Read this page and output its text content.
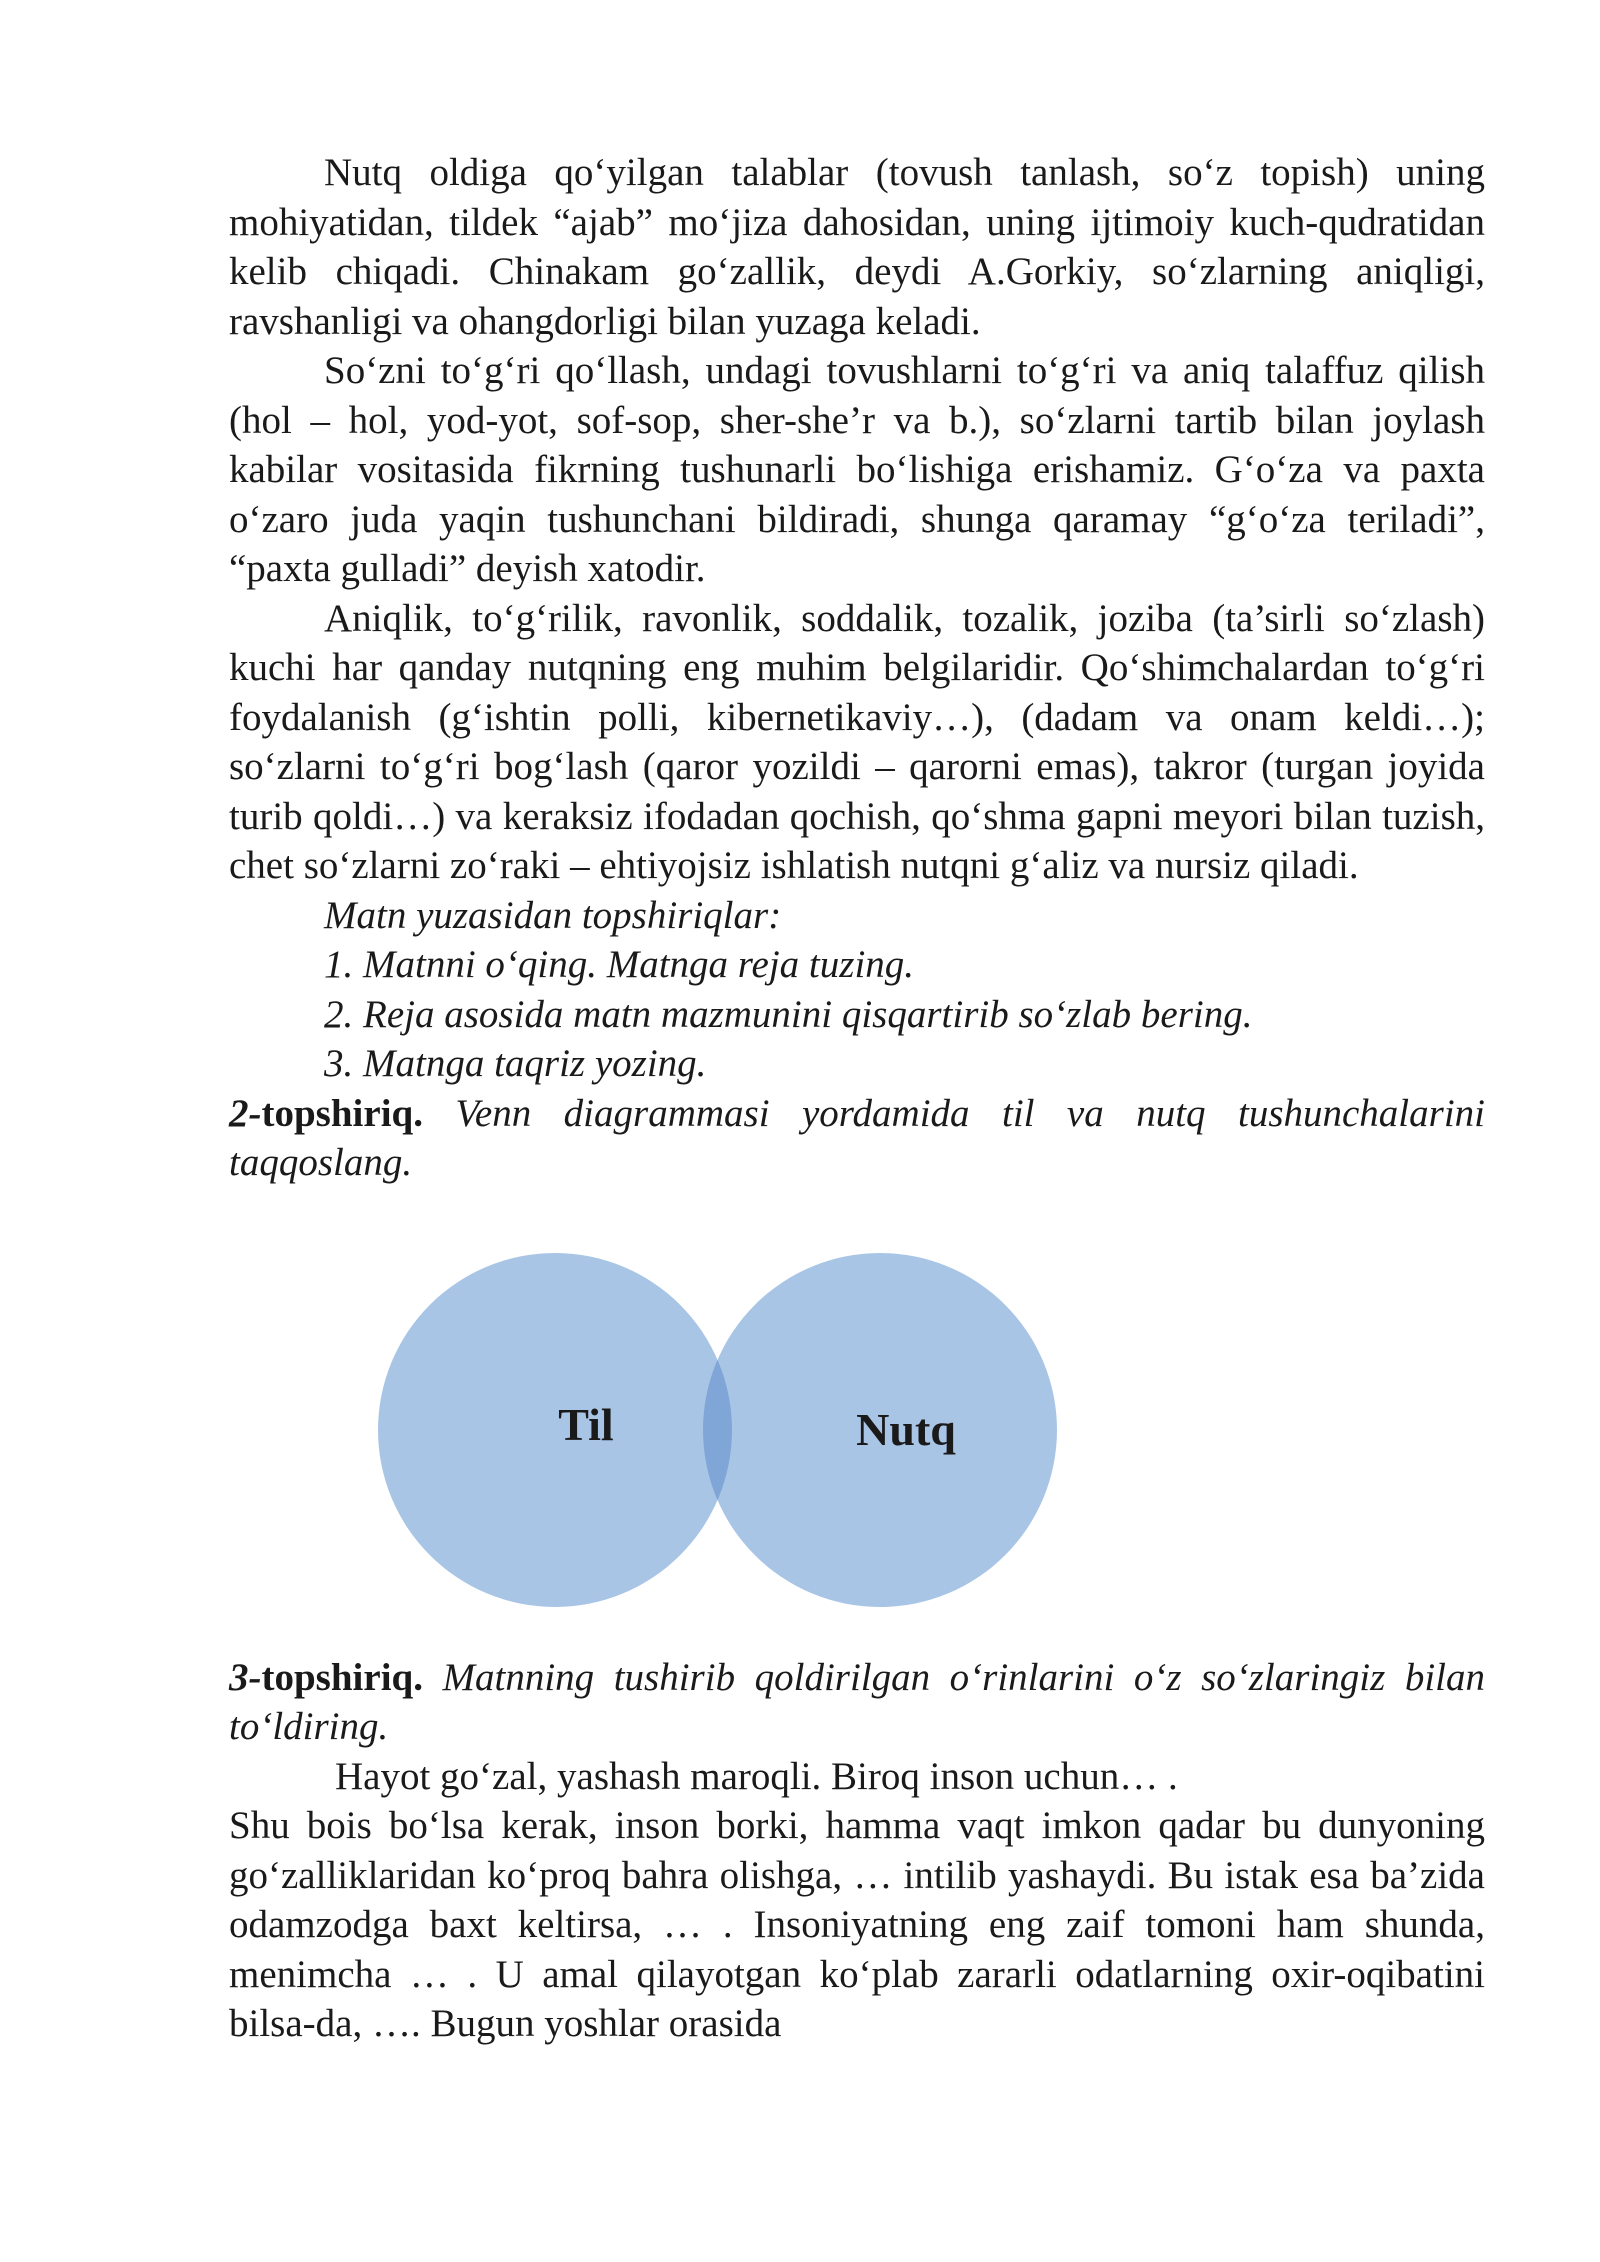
Nutq oldiga qo‘yilgan talablar (tovush tanlash, so‘z topish) uning mohiyatidan, tildek “ajab” mo‘jiza dahosidan, uning ijtimoiy kuch-qudratidan kelib chiqadi. Chinakam go‘zallik, deydi A.Gorkiy, so‘zlarning aniqligi, ravshanligi va ohangdorligi bilan yuzaga keladi.

So‘zni to‘g‘ri qo‘llash, undagi tovushlarni to‘g‘ri va aniq talaffuz qilish (hol – hol, yod-yot, sof-sop, sher-she’r va b.), so‘zlarni tartib bilan joylash kabilar vositasida fikrning tushunarli bo‘lishiga erishamiz. G‘o‘za va paxta o‘zaro juda yaqin tushunchani bildiradi, shunga qaramay “g‘o‘za teriladi”, “paxta gulladi” deyish xatodir.

Aniqlik, to‘g‘rilik, ravonlik, soddalik, tozalik, joziba (ta’sirli so‘zlash) kuchi har qanday nutqning eng muhim belgilaridir. Qo‘shimchalardan to‘g‘ri foydalanish (g‘ishtin polli, kibernetikaviy…), (dadam va onam keldi…); so‘zlarni to‘g‘ri bog‘lash (qaror yozildi – qarorni emas), takror (turgan joyida turib qoldi…) va keraksiz ifodadan qochish, qo‘shma gapni meyori bilan tuzish, chet so‘zlarni zo‘raki – ehtiyojsiz ishlatish nutqni g‘aliz va nursiz qiladi.

Matn yuzasidan topshiriqlar:

1. Matnni o‘qing. Matnga reja tuzing.

2. Reja asosida matn mazmunini qisqartirib so‘zlab bering.

3. Matnga taqriz yozing.

2-topshiriq. Venn diagrammasi yordamida til va nutq tushunchalarini taqqoslang.

Til	Nutq

3-topshiriq. Matnning tushirib qoldirilgan o‘rinlarini o‘z so‘zlaringiz bilan to‘ldiring.

Hayot go‘zal, yashash maroqli. Biroq inson uchun… .

Shu bois bo‘lsa kerak, inson borki, hamma vaqt imkon qadar bu dunyoning go‘zalliklaridan ko‘proq bahra olishga, … intilib yashaydi. Bu istak esa ba’zida odamzodga baxt keltirsa, … . Insoniyatning eng zaif tomoni ham shunda, menimcha … . U amal qilayotgan ko‘plab zararli odatlarning oxir-oqibatini bilsa-da, …. Bugun yoshlar orasida
